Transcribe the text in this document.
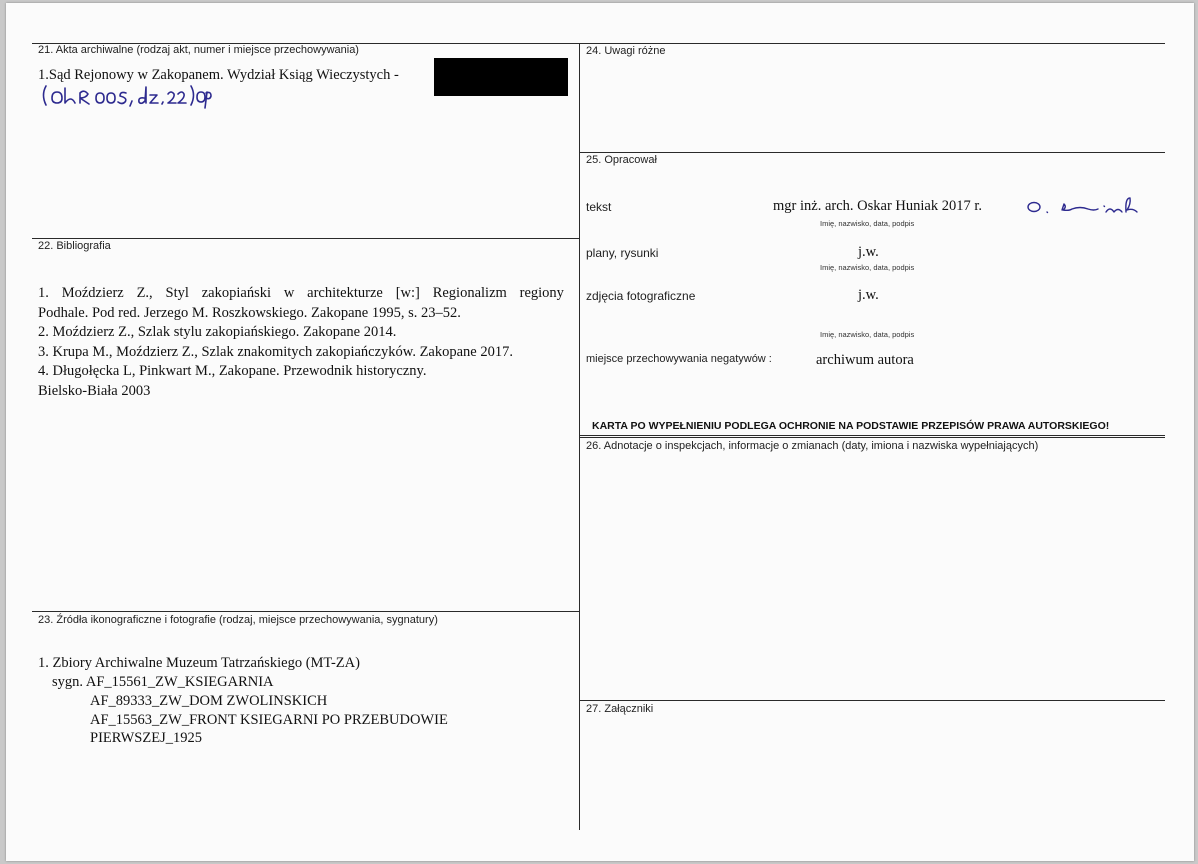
21. Akta archiwalne (rodzaj akt, numer i miejsce przechowywania)
1.Sąd Rejonowy w Zakopanem. Wydział Ksiąg Wieczystych -
22. Bibliografia
1. Moździerz Z., Styl zakopiański w architekturze [w:] Regionalizm regiony
Podhale. Pod red. Jerzego M. Roszkowskiego. Zakopane 1995, s. 23–52.
2. Moździerz Z., Szlak stylu zakopiańskiego. Zakopane 2014.
3. Krupa M., Moździerz Z., Szlak znakomitych zakopiańczyków. Zakopane 2017.
4. Długołęcka L, Pinkwart M., Zakopane. Przewodnik historyczny.
Bielsko-Biała 2003
23. Źródła ikonograficzne i fotografie (rodzaj, miejsce przechowywania, sygnatury)
1. Zbiory Archiwalne Muzeum Tatrzańskiego (MT-ZA)
sygn. AF_15561_ZW_KSIEGARNIA
AF_89333_ZW_DOM ZWOLINSKICH
AF_15563_ZW_FRONT KSIEGARNI PO PRZEBUDOWIE
PIERWSZEJ_1925
24. Uwagi różne
25. Opracował
tekst	mgr inż. arch. Oskar Huniak 2017 r.
Imię, nazwisko, data, podpis
plany, rysunki	j.w.
Imię, nazwisko, data, podpis
zdjęcia fotograficzne	j.w.
Imię, nazwisko, data, podpis
miejsce przechowywania negatywów :	archiwum autora
KARTA PO WYPEŁNIENIU PODLEGA OCHRONIE NA PODSTAWIE PRZEPISÓW PRAWA AUTORSKIEGO!
26. Adnotacje o inspekcjach, informacje o zmianach (daty, imiona i nazwiska wypełniających)
27. Załączniki
